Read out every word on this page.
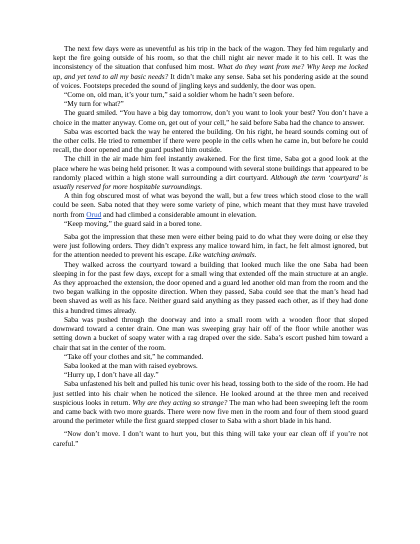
The next few days were as uneventful as his trip in the back of the wagon. They fed him regularly and kept the fire going outside of his room, so that the chill night air never made it to his cell. It was the inconsistency of the situation that confused him most. What do they want from me? Why keep me locked up, and yet tend to all my basic needs? It didn’t make any sense. Saba set his pondering aside at the sound of voices. Footsteps preceded the sound of jingling keys and suddenly, the door was open.

“Come on, old man, it’s your turn,” said a soldier whom he hadn’t seen before.

“My turn for what?”

The guard smiled. “You have a big day tomorrow, don’t you want to look your best? You don’t have a choice in the matter anyway. Come on, get out of your cell,” he said before Saba had the chance to answer.

Saba was escorted back the way he entered the building. On his right, he heard sounds coming out of the other cells. He tried to remember if there were people in the cells when he came in, but before he could recall, the door opened and the guard pushed him outside.

The chill in the air made him feel instantly awakened. For the first time, Saba got a good look at the place where he was being held prisoner. It was a compound with several stone buildings that appeared to be randomly placed within a high stone wall surrounding a dirt courtyard. Although the term ‘courtyard’ is usually reserved for more hospitable surroundings.

A thin fog obscured most of what was beyond the wall, but a few trees which stood close to the wall could be seen. Saba noted that they were some variety of pine, which meant that they must have traveled north from Orud and had climbed a considerable amount in elevation.

“Keep moving,” the guard said in a bored tone.

Saba got the impression that these men were either being paid to do what they were doing or else they were just following orders. They didn’t express any malice toward him, in fact, he felt almost ignored, but for the attention needed to prevent his escape. Like watching animals.

They walked across the courtyard toward a building that looked much like the one Saba had been sleeping in for the past few days, except for a small wing that extended off the main structure at an angle. As they approached the extension, the door opened and a guard led another old man from the room and the two began walking in the opposite direction. When they passed, Saba could see that the man’s head had been shaved as well as his face. Neither guard said anything as they passed each other, as if they had done this a hundred times already.

Saba was pushed through the doorway and into a small room with a wooden floor that sloped downward toward a center drain. One man was sweeping gray hair off of the floor while another was setting down a bucket of soapy water with a rag draped over the side. Saba’s escort pushed him toward a chair that sat in the center of the room.

“Take off your clothes and sit,” he commanded.

Saba looked at the man with raised eyebrows.

“Hurry up, I don’t have all day.”

Saba unfastened his belt and pulled his tunic over his head, tossing both to the side of the room. He had just settled into his chair when he noticed the silence. He looked around at the three men and received suspicious looks in return. Why are they acting so strange? The man who had been sweeping left the room and came back with two more guards. There were now five men in the room and four of them stood guard around the perimeter while the first guard stepped closer to Saba with a short blade in his hand.

“Now don’t move. I don’t want to hurt you, but this thing will take your ear clean off if you’re not careful.”
